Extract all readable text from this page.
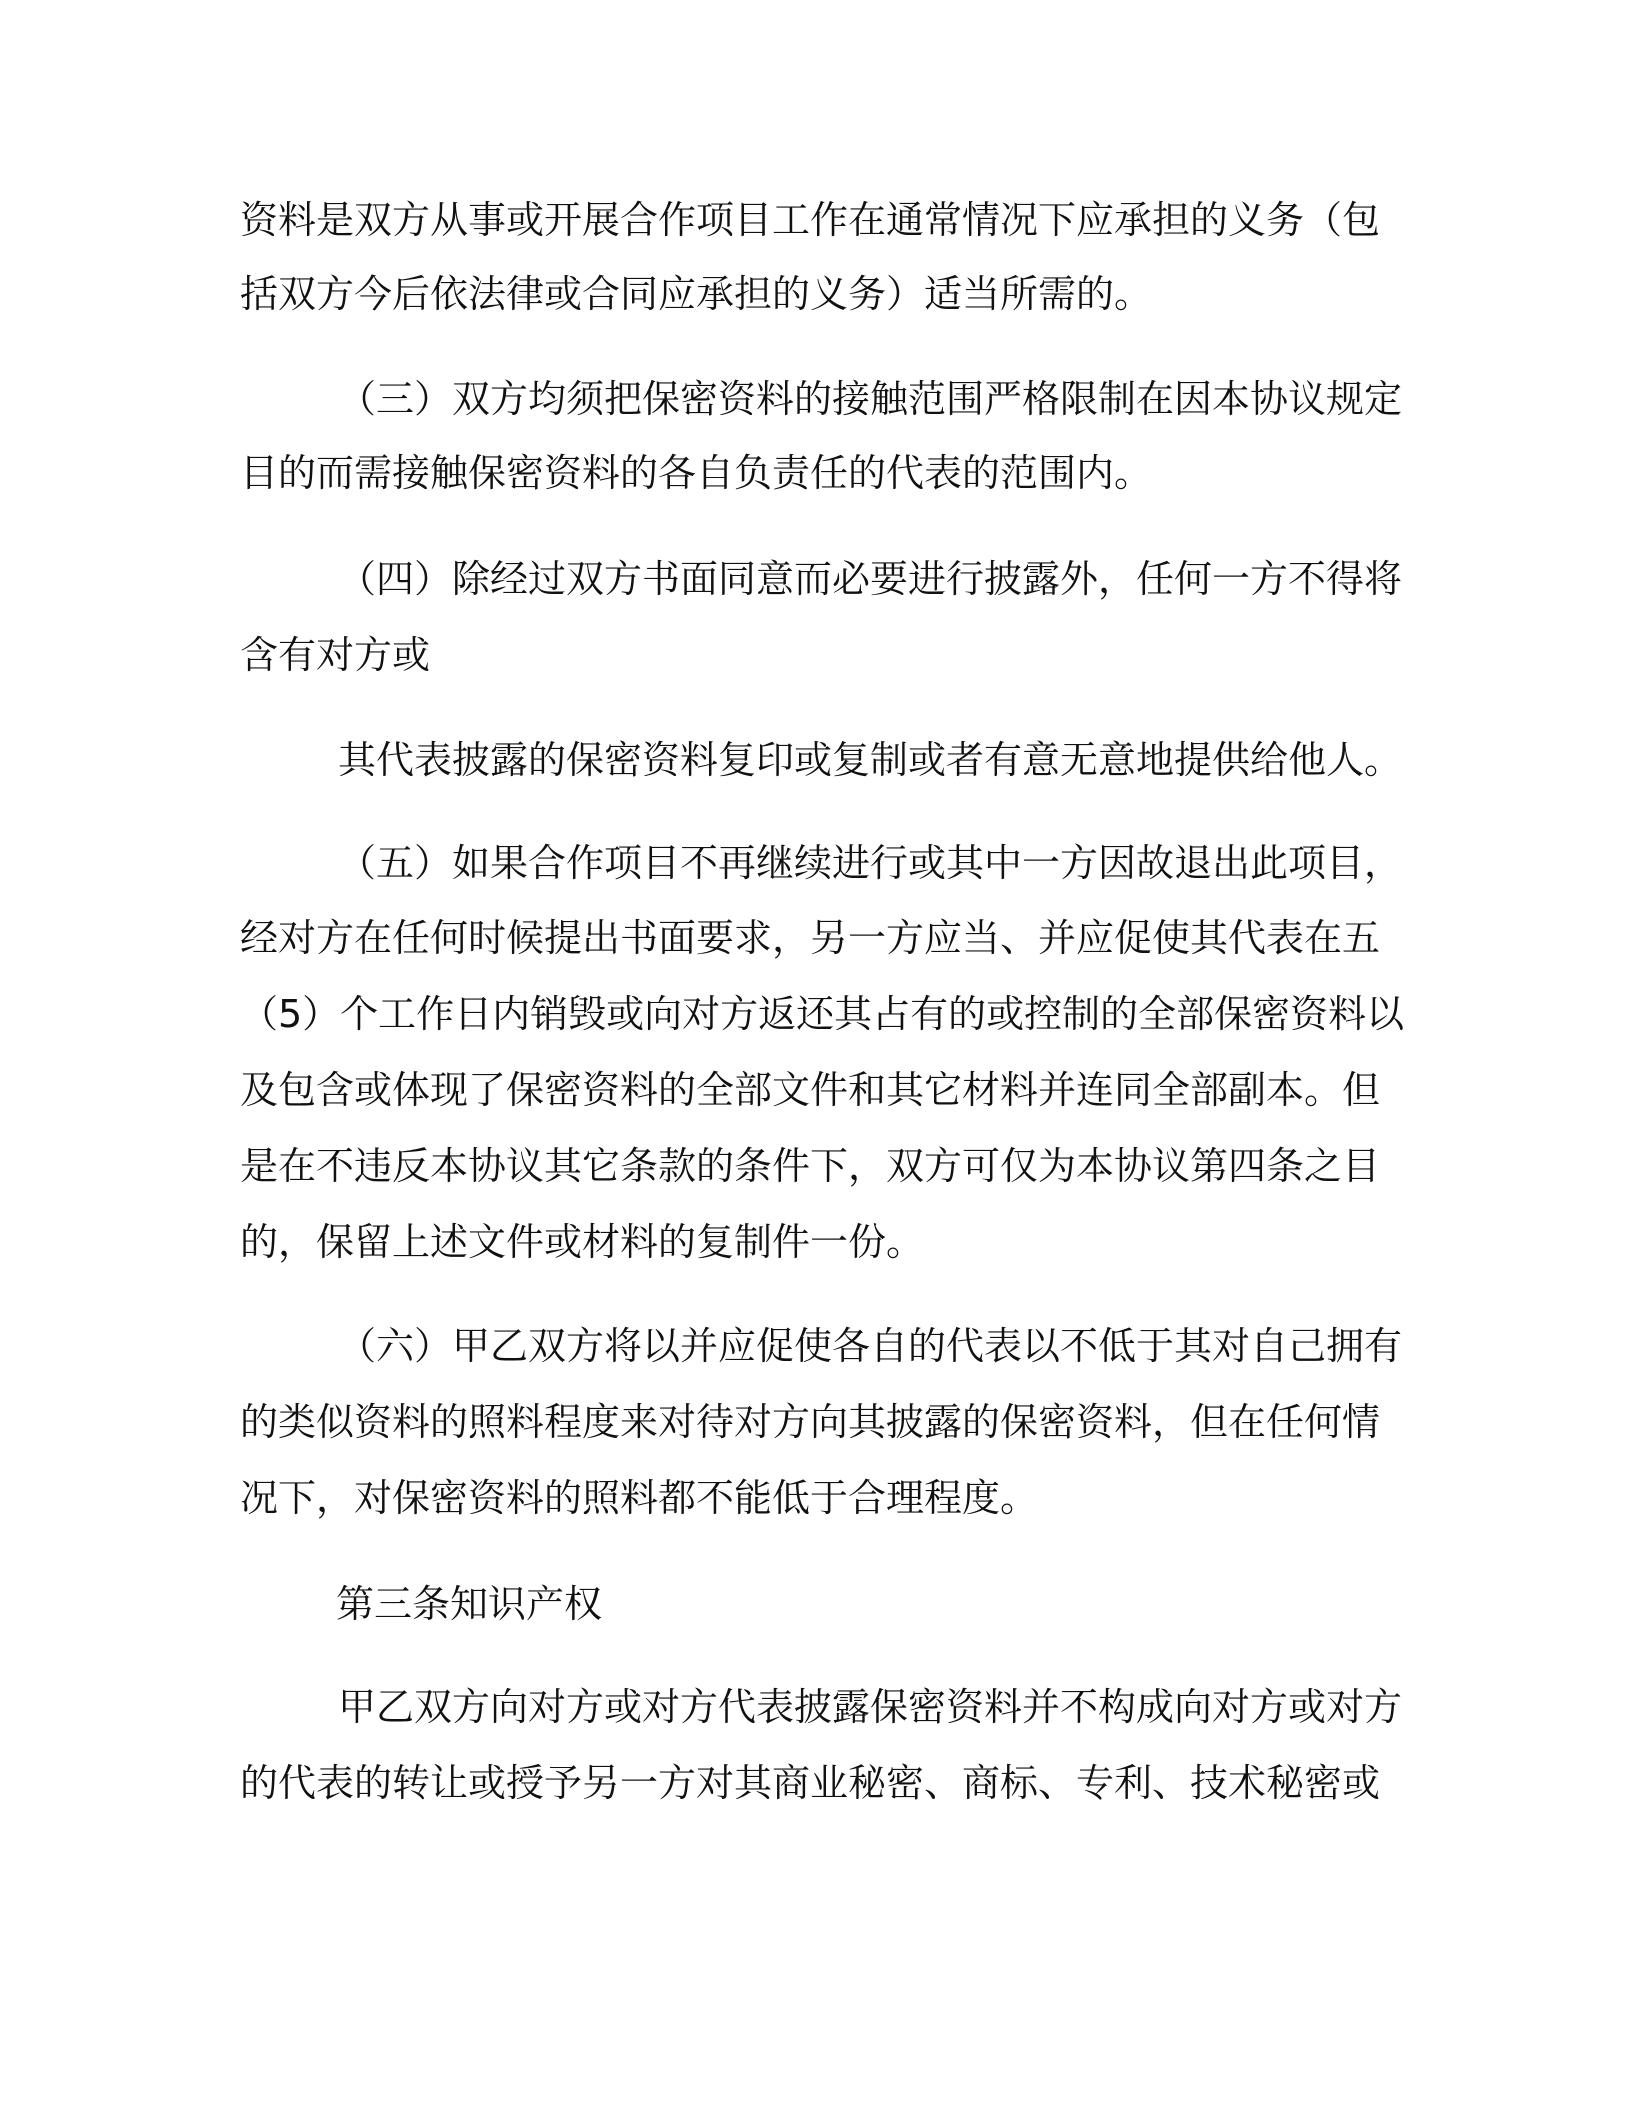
资料是双方从事或开展合作项目工作在通常情况下应承担的义务（包

括双方今后依法律或合同应承担的义务）适当所需的。

（三）双方均须把保密资料的接触范围严格限制在因本协议规定

目的而需接触保密资料的各自负责任的代表的范围内。

（四）除经过双方书面同意而必要进行披露外，任何一方不得将

含有对方或

其代表披露的保密资料复印或复制或者有意无意地提供给他人。

（五）如果合作项目不再继续进行或其中一方因故退出此项目，

经对方在任何时候提出书面要求，另一方应当、并应促使其代表在五

（5）个工作日内销毁或向对方返还其占有的或控制的全部保密资料以

及包含或体现了保密资料的全部文件和其它材料并连同全部副本。但

是在不违反本协议其它条款的条件下，双方可仅为本协议第四条之目

的，保留上述文件或材料的复制件一份。

（六）甲乙双方将以并应促使各自的代表以不低于其对自己拥有

的类似资料的照料程度来对待对方向其披露的保密资料，但在任何情

况下，对保密资料的照料都不能低于合理程度。

第三条知识产权

甲乙双方向对方或对方代表披露保密资料并不构成向对方或对方

的代表的转让或授予另一方对其商业秘密、商标、专利、技术秘密或
